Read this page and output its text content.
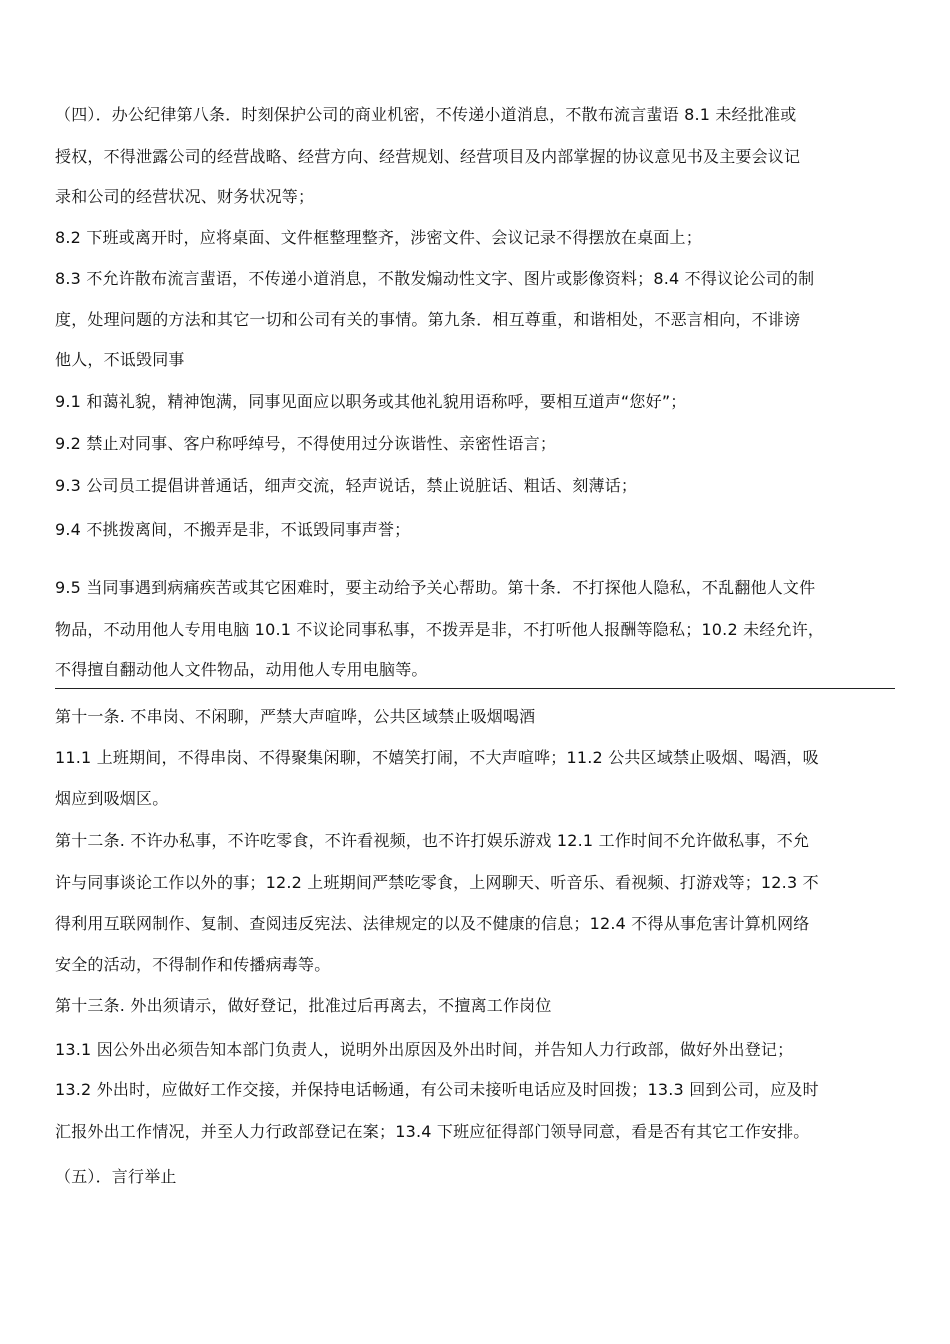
（四）．办公纪律第八条．时刻保护公司的商业机密，不传递小道消息，不散布流言蜚语 8.1 未经批准或
授权，不得泄露公司的经营战略、经营方向、经营规划、经营项目及内部掌握的协议意见书及主要会议记
录和公司的经营状况、财务状况等；
8.2 下班或离开时，应将桌面、文件框整理整齐，涉密文件、会议记录不得摆放在桌面上；
8.3 不允许散布流言蜚语，不传递小道消息，不散发煽动性文字、图片或影像资料；8.4 不得议论公司的制
度，处理问题的方法和其它一切和公司有关的事情。第九条．相互尊重，和谐相处，不恶言相向，不诽谤
他人，不诋毁同事
9.1 和蔼礼貌，精神饱满，同事见面应以职务或其他礼貌用语称呼，要相互道声“您好”；
9.2 禁止对同事、客户称呼绰号，不得使用过分诙谐性、亲密性语言；
9.3 公司员工提倡讲普通话，细声交流，轻声说话，禁止说脏话、粗话、刻薄话；
9.4 不挑拨离间，不搬弄是非，不诋毁同事声誉；
9.5 当同事遇到病痛疾苦或其它困难时，要主动给予关心帮助。第十条．不打探他人隐私，不乱翻他人文件
物品，不动用他人专用电脑 10.1 不议论同事私事，不拨弄是非，不打听他人报酬等隐私；10.2 未经允许，
不得擅自翻动他人文件物品，动用他人专用电脑等。
第十一条. 不串岗、不闲聊，严禁大声喧哗，公共区域禁止吸烟喝酒
11.1 上班期间，不得串岗、不得聚集闲聊，不嬉笑打闹，不大声喧哗；11.2 公共区域禁止吸烟、喝酒，吸
烟应到吸烟区。
第十二条. 不许办私事，不许吃零食，不许看视频，也不许打娱乐游戏 12.1 工作时间不允许做私事，不允
许与同事谈论工作以外的事；12.2 上班期间严禁吃零食，上网聊天、听音乐、看视频、打游戏等；12.3 不
得利用互联网制作、复制、查阅违反宪法、法律规定的以及不健康的信息；12.4 不得从事危害计算机网络
安全的活动，不得制作和传播病毒等。
第十三条. 外出须请示，做好登记，批准过后再离去，不擅离工作岗位
13.1 因公外出必须告知本部门负责人，说明外出原因及外出时间，并告知人力行政部，做好外出登记；
13.2 外出时，应做好工作交接，并保持电话畅通，有公司未接听电话应及时回拨；13.3 回到公司，应及时
汇报外出工作情况，并至人力行政部登记在案；13.4 下班应征得部门领导同意，看是否有其它工作安排。
（五）．言行举止
